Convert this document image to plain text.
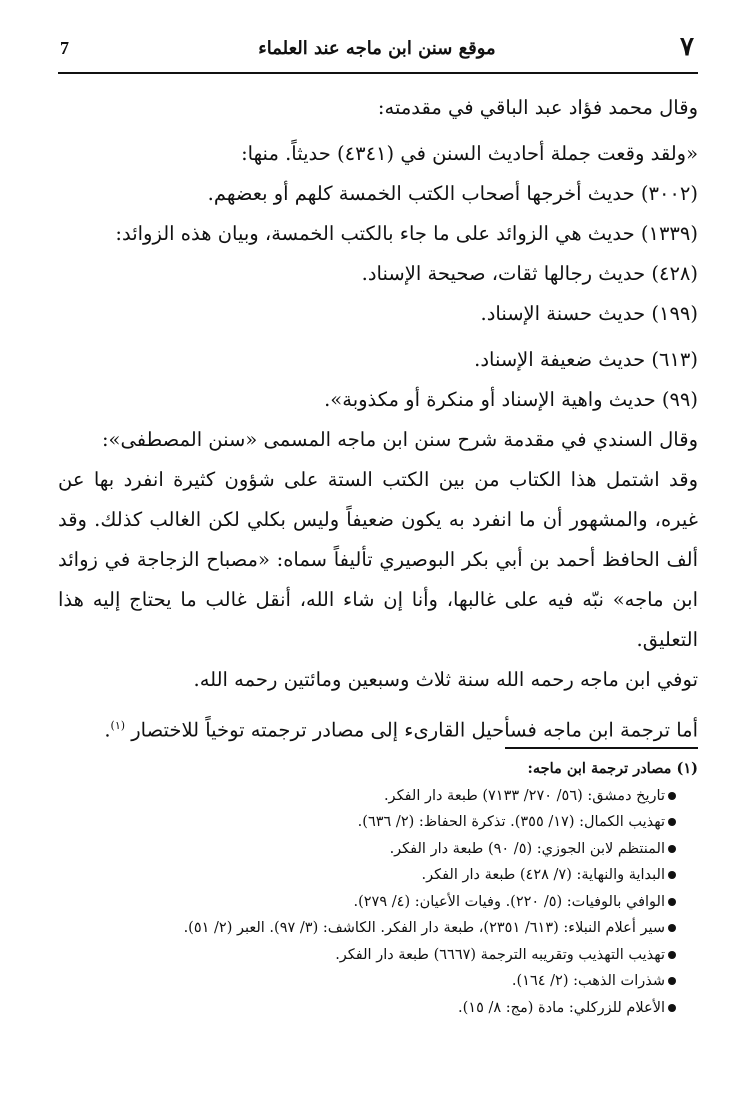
٧
موقع سنن ابن ماجه عند العلماء
7

وقال محمد فؤاد عبد الباقي في مقدمته:

«ولقد وقعت جملة أحاديث السنن في (٤٣٤١) حديثاً. منها:

(٣٠٠٢) حديث أخرجها أصحاب الكتب الخمسة كلهم أو بعضهم.

(١٣٣٩) حديث هي الزوائد على ما جاء بالكتب الخمسة، وبيان هذه الزوائد:

(٤٢٨) حديث رجالها ثقات، صحيحة الإسناد.

(١٩٩) حديث حسنة الإسناد.

(٦١٣) حديث ضعيفة الإسناد.

(٩٩) حديث واهية الإسناد أو منكرة أو مكذوبة».

وقال السندي في مقدمة شرح سنن ابن ماجه المسمى «سنن المصطفى»:

وقد اشتمل هذا الكتاب من بين الكتب الستة على شؤون كثيرة انفرد بها عن غيره، والمشهور أن ما انفرد به يكون ضعيفاً وليس بكلي لكن الغالب كذلك. وقد ألف الحافظ أحمد بن أبي بكر البوصيري تأليفاً سماه: «مصباح الزجاجة في زوائد ابن ماجه» نبّه فيه على غالبها، وأنا إن شاء الله، أنقل غالب ما يحتاج إليه هذا التعليق.

توفي ابن ماجه رحمه الله سنة ثلاث وسبعين ومائتين رحمه الله.

أما ترجمة ابن ماجه فسأحيل القارىء إلى مصادر ترجمته توخياً للاختصار $^{(١)}$.

(١) مصادر ترجمة ابن ماجه:

تاريخ دمشق: (٥٦/ ٢٧٠/ ٧١٣٣) طبعة دار الفكر.

تهذيب الكمال: (١٧/ ٣٥٥). تذكرة الحفاظ: (٢/ ٦٣٦).

المنتظم لابن الجوزي: (٥/ ٩٠) طبعة دار الفكر.

البداية والنهاية: (٧/ ٤٢٨) طبعة دار الفكر.

الوافي بالوفيات: (٥/ ٢٢٠). وفيات الأعيان: (٤/ ٢٧٩).

سير أعلام النبلاء: (٦١٣/ ٢٣٥١)، طبعة دار الفكر. الكاشف: (٣/ ٩٧). العبر (٢/ ٥١).

تهذيب التهذيب وتقريبه الترجمة (٦٦٦٧) طبعة دار الفكر.

شذرات الذهب: (٢/ ١٦٤).

الأعلام للزركلي: مادة (مج: ٨/ ١٥).
